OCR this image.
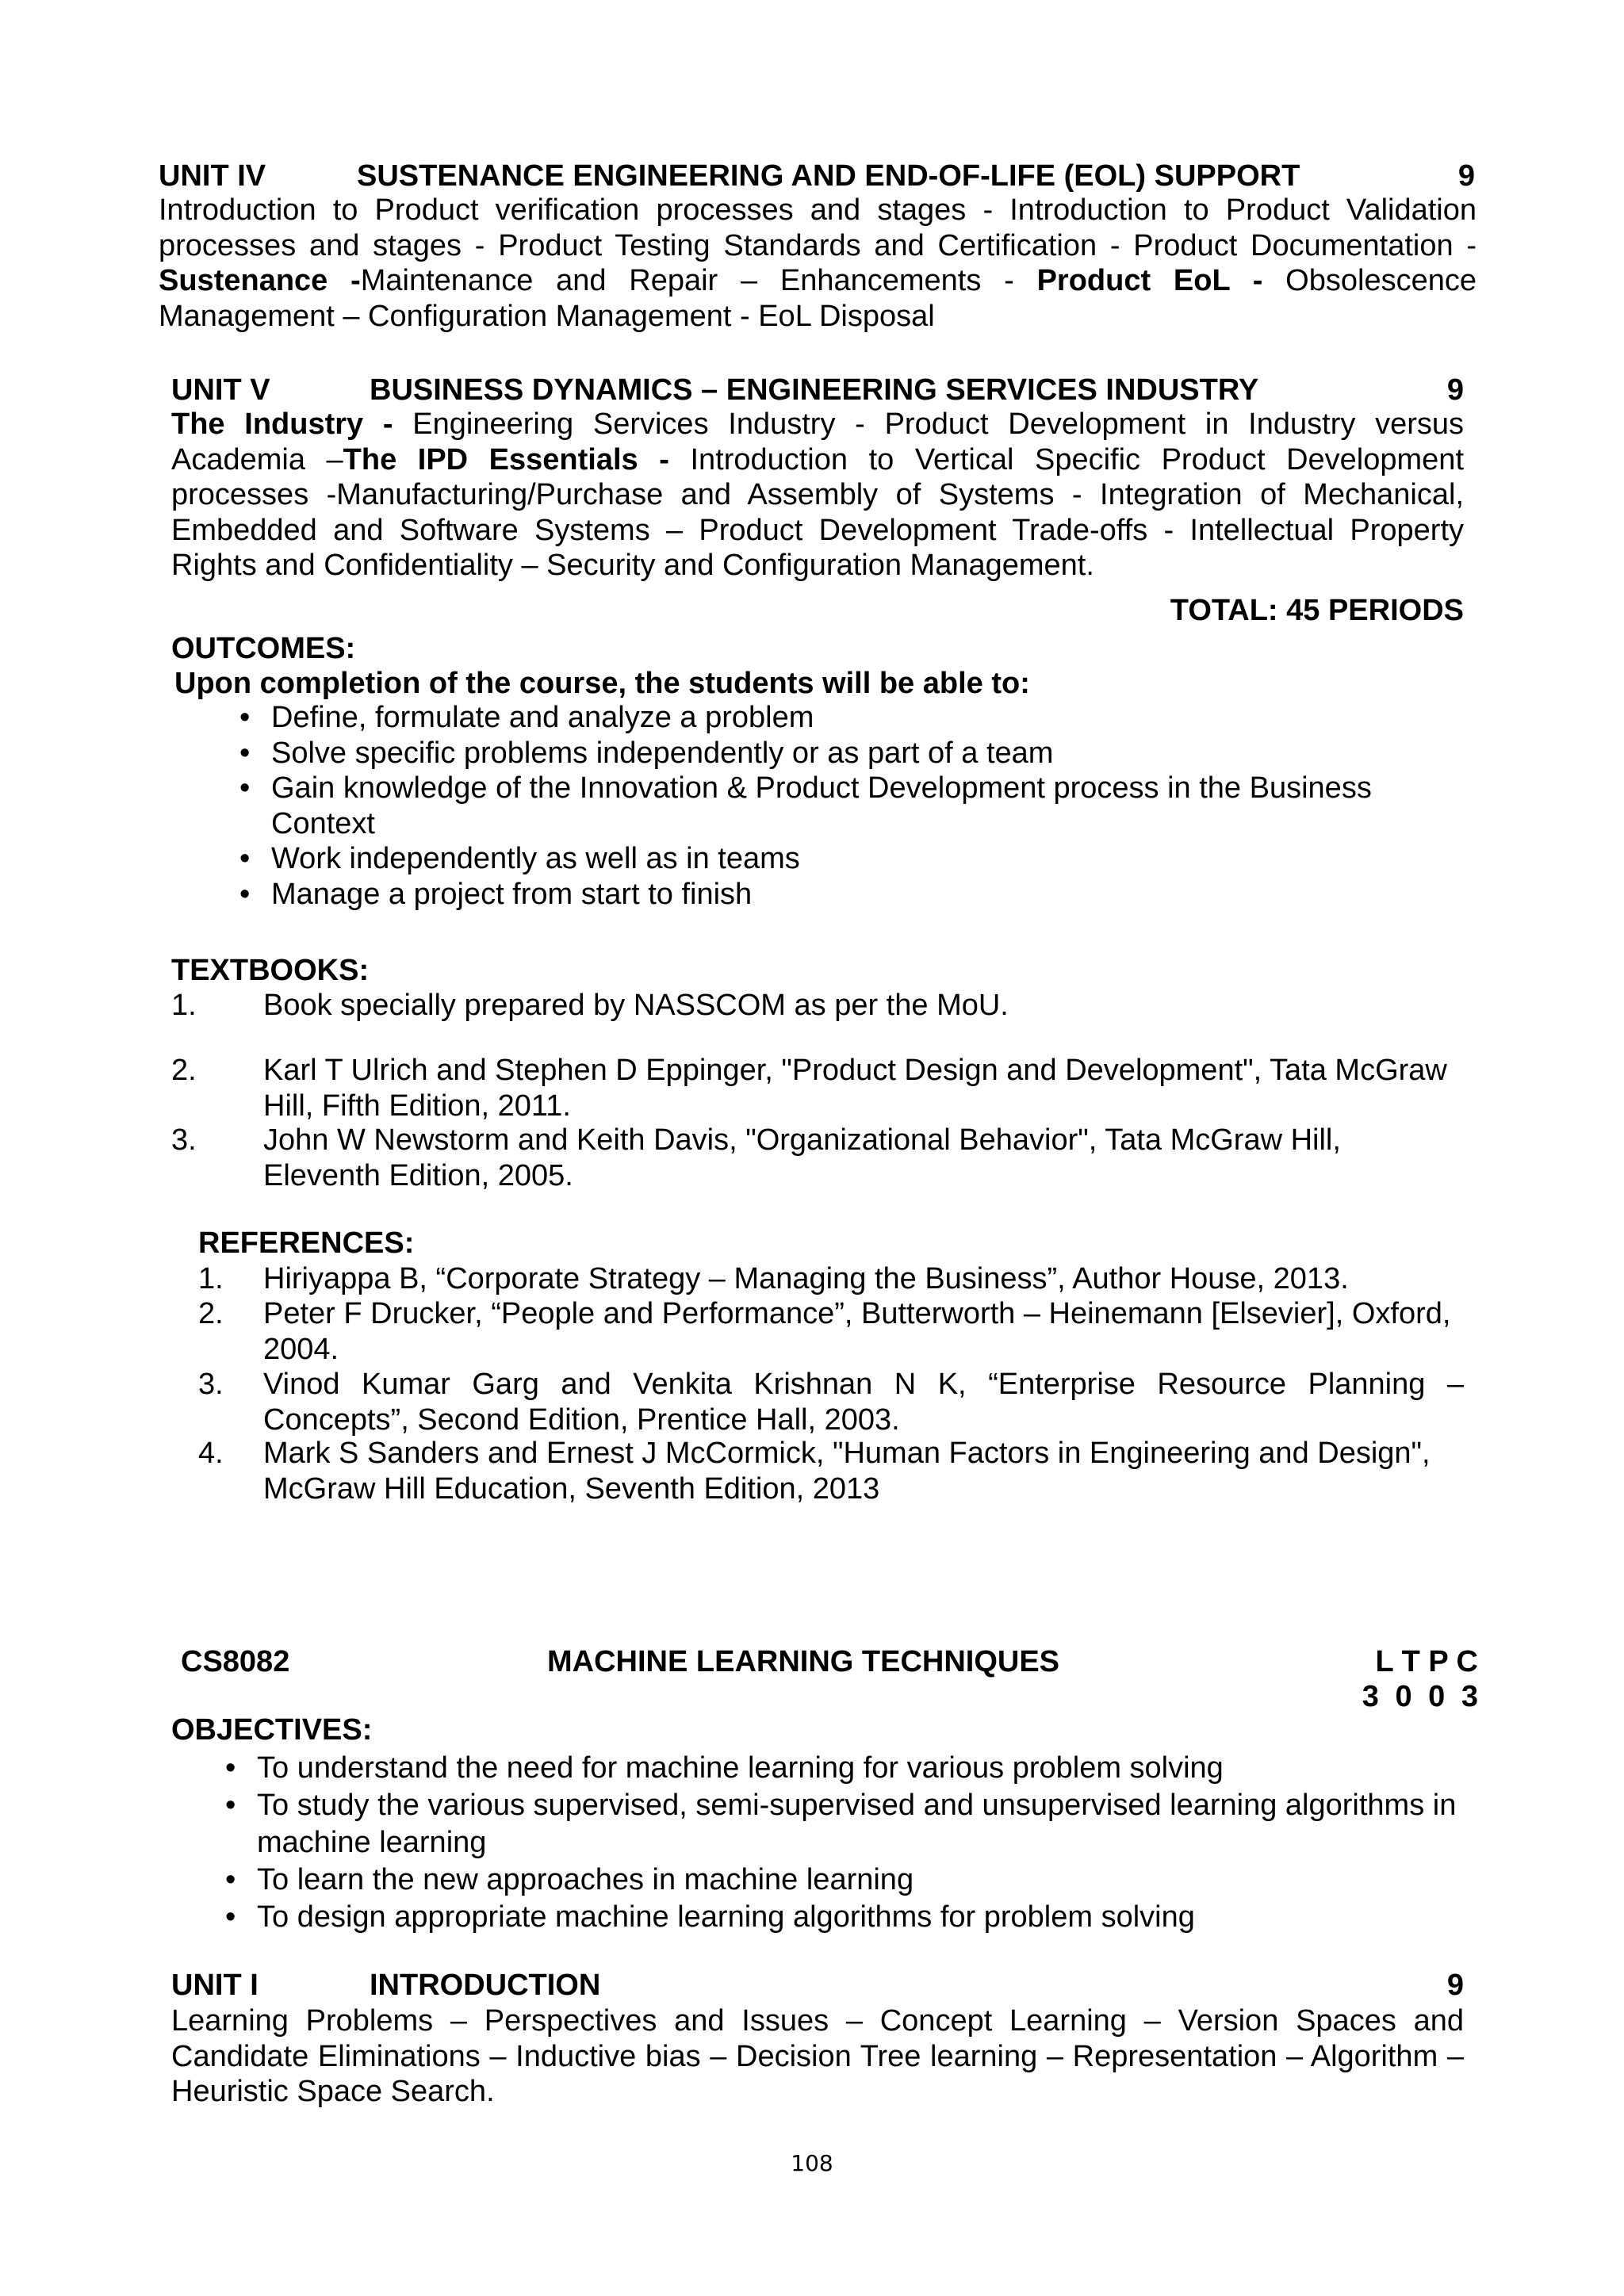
UNIT IV	SUSTENANCE ENGINEERING AND END-OF-LIFE (EOL) SUPPORT	9
Introduction to Product verification processes and stages - Introduction to Product Validation processes and stages - Product Testing Standards and Certification - Product Documentation - Sustenance -Maintenance and Repair – Enhancements - Product EoL - Obsolescence Management – Configuration Management - EoL Disposal
UNIT V	BUSINESS DYNAMICS – ENGINEERING SERVICES INDUSTRY	9
The Industry - Engineering Services Industry - Product Development in Industry versus Academia –The IPD Essentials - Introduction to Vertical Specific Product Development processes -Manufacturing/Purchase and Assembly of Systems - Integration of Mechanical, Embedded and Software Systems – Product Development Trade-offs - Intellectual Property Rights and Confidentiality – Security and Configuration Management.
TOTAL: 45 PERIODS
OUTCOMES:
Upon completion of the course, the students will be able to:
• Define, formulate and analyze a problem
• Solve specific problems independently or as part of a team
• Gain knowledge of the Innovation & Product Development process in the Business Context
• Work independently as well as in teams
• Manage a project from start to finish
TEXTBOOKS:
1. Book specially prepared by NASSCOM as per the MoU.
2. Karl T Ulrich and Stephen D Eppinger, "Product Design and Development", Tata McGraw Hill, Fifth Edition, 2011.
3. John W Newstorm and Keith Davis, "Organizational Behavior", Tata McGraw Hill, Eleventh Edition, 2005.
REFERENCES:
1. Hiriyappa B, “Corporate Strategy – Managing the Business”, Author House, 2013.
2. Peter F Drucker, “People and Performance”, Butterworth – Heinemann [Elsevier], Oxford, 2004.
3. Vinod Kumar Garg and Venkita Krishnan N K, “Enterprise Resource Planning – Concepts”, Second Edition, Prentice Hall, 2003.
4. Mark S Sanders and Ernest J McCormick, "Human Factors in Engineering and Design", McGraw Hill Education, Seventh Edition, 2013
CS8082	MACHINE LEARNING TECHNIQUES	L T P C
3 0 0 3
OBJECTIVES:
• To understand the need for machine learning for various problem solving
• To study the various supervised, semi-supervised and unsupervised learning algorithms in machine learning
• To learn the new approaches in machine learning
• To design appropriate machine learning algorithms for problem solving
UNIT I	INTRODUCTION	9
Learning Problems – Perspectives and Issues – Concept Learning – Version Spaces and Candidate Eliminations – Inductive bias – Decision Tree learning – Representation – Algorithm – Heuristic Space Search.
108
